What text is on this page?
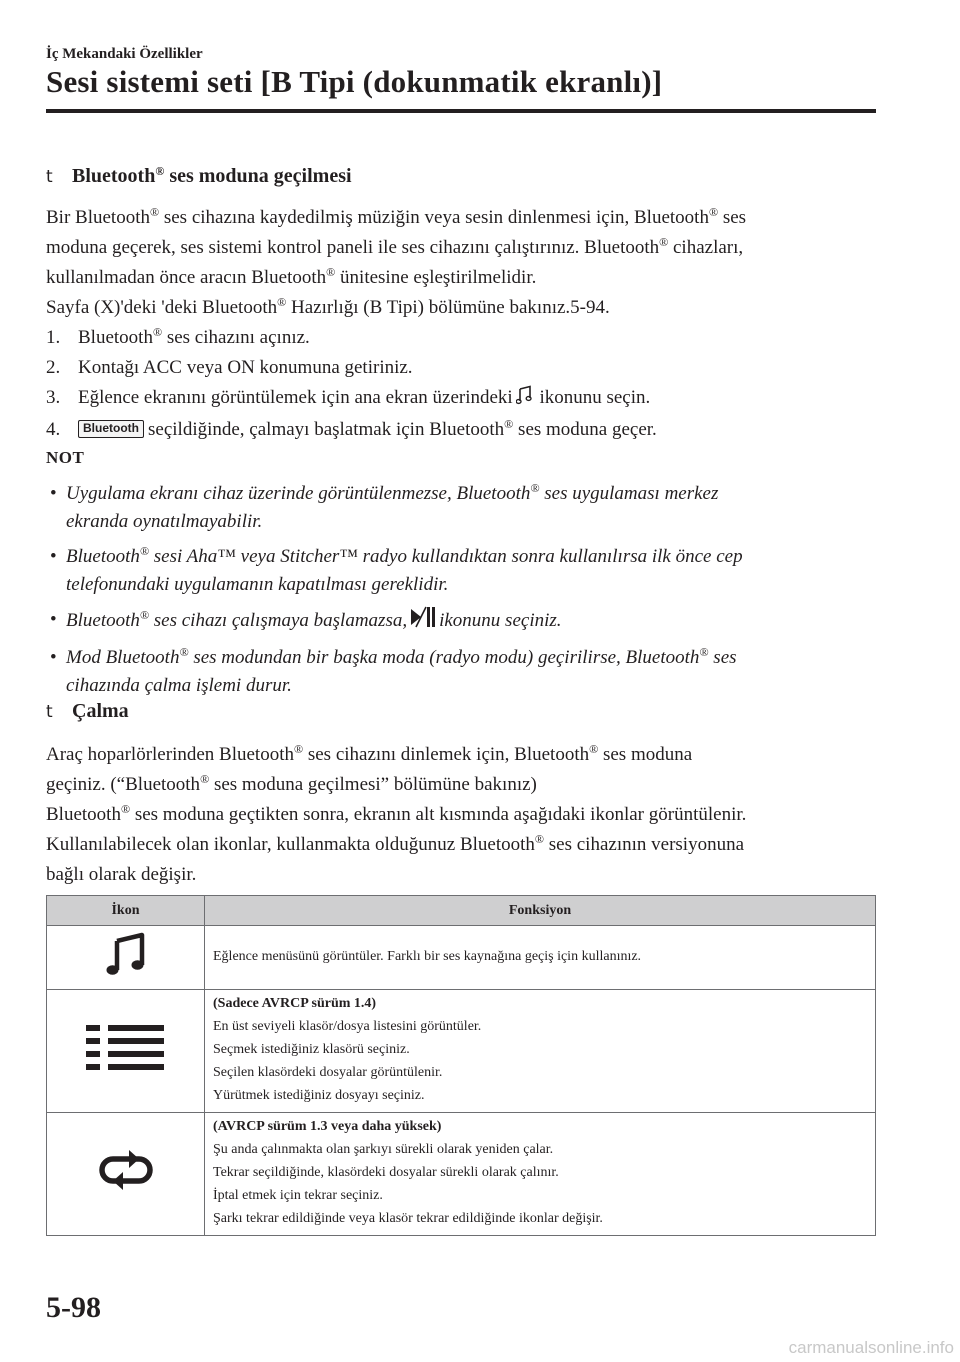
İç Mekandaki Özellikler
Sesi sistemi seti [B Tipi (dokunmatik ekranlı)]
t Bluetooth® ses moduna geçilmesi

Bir Bluetooth® ses cihazına kaydedilmiş müziğin veya sesin dinlenmesi için, Bluetooth® ses

moduna geçerek, ses sistemi kontrol paneli ile ses cihazını çalıştırınız. Bluetooth® cihazları,

kullanılmadan önce aracın Bluetooth® ünitesine eşleştirilmelidir.

Sayfa (X)'deki 'deki Bluetooth® Hazırlığı (B Tipi) bölümüne bakınız.5-94.

1. Bluetooth® ses cihazını açınız.

2. Kontağı ACC veya ON konumuna getiriniz.

3. Eğlence ekranını görüntülemek için ana ekran üzerindeki ikonunu seçin.

4. Bluetooth seçildiğinde, çalmayı başlatmak için Bluetooth® ses moduna geçer.

NOT
• Uygulama ekranı cihaz üzerinde görüntülenmezse, Bluetooth® ses uygulaması merkez
ekranda oynatılmayabilir.
• Bluetooth® sesi Aha™ veya Stitcher™ radyo kullandıktan sonra kullanılırsa ilk önce cep
telefonundaki uygulamanın kapatılması gereklidir.
• Bluetooth® ses cihazı çalışmaya başlamazsa, ikonunu seçiniz.
• Mod Bluetooth® ses modundan bir başka moda (radyo modu) geçirilirse, Bluetooth® ses
cihazında çalma işlemi durur.
t Çalma

Araç hoparlörlerinden Bluetooth® ses cihazını dinlemek için, Bluetooth® ses moduna

geçiniz. (“Bluetooth® ses moduna geçilmesi” bölümüne bakınız)

Bluetooth® ses moduna geçtikten sonra, ekranın alt kısmında aşağıdaki ikonlar görüntülenir.

Kullanılabilecek olan ikonlar, kullanmakta olduğunuz Bluetooth® ses cihazının versiyonuna

bağlı olarak değişir.

İkon	Fonksiyon

Eğlence menüsünü görüntüler. Farklı bir ses kaynağına geçiş için kullanınız.

(Sadece AVRCP sürüm 1.4)
En üst seviyeli klasör/dosya listesini görüntüler.
Seçmek istediğiniz klasörü seçiniz.
Seçilen klasördeki dosyalar görüntülenir.
Yürütmek istediğiniz dosyayı seçiniz.

(AVRCP sürüm 1.3 veya daha yüksek)
Şu anda çalınmakta olan şarkıyı sürekli olarak yeniden çalar.
Tekrar seçildiğinde, klasördeki dosyalar sürekli olarak çalınır.
İptal etmek için tekrar seçiniz.
Şarkı tekrar edildiğinde veya klasör tekrar edildiğinde ikonlar değişir.
5-98
carmanualsonline.info
